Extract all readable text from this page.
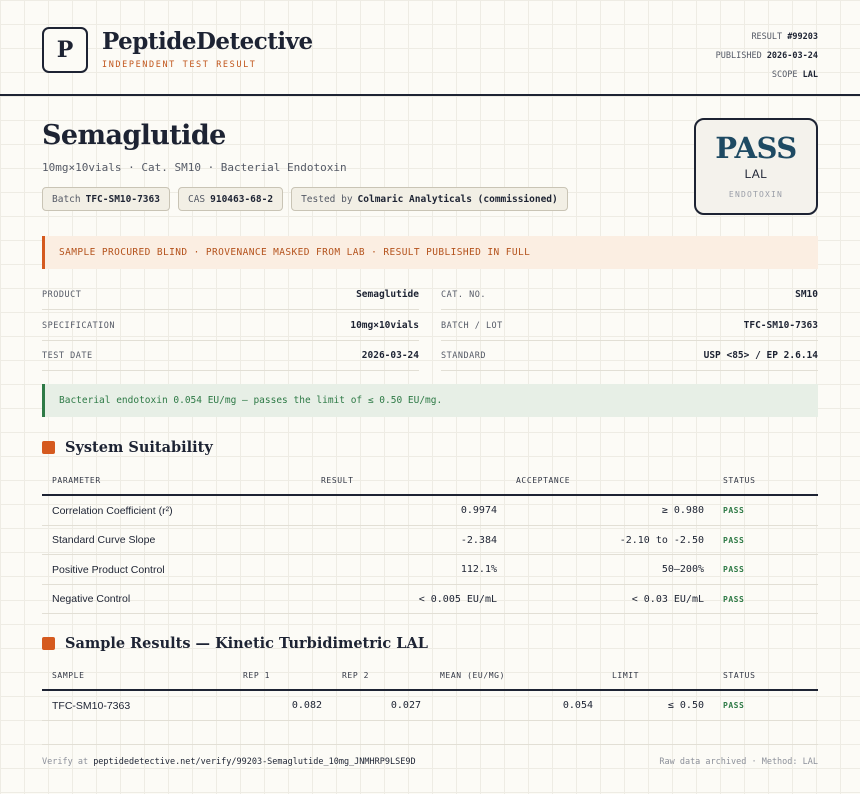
P	PeptideDetective
INDEPENDENT TEST RESULT
RESULT #99203
PUBLISHED 2026-03-24
SCOPE LAL
Semaglutide
10mg×10vials · Cat. SM10 · Bacterial Endotoxin
Batch TFC-SM10-7363	CAS 910463-68-2	Tested by Colmaric Analyticals (commissioned)
PASS
LAL
ENDOTOXIN
SAMPLE PROCURED BLIND · PROVENANCE MASKED FROM LAB · RESULT PUBLISHED IN FULL
PRODUCT	Semaglutide	CAT. NO.	SM10
SPECIFICATION	10mg×10vials	BATCH / LOT	TFC-SM10-7363
TEST DATE	2026-03-24	STANDARD	USP <85> / EP 2.6.14
Bacterial endotoxin 0.054 EU/mg — passes the limit of ≤ 0.50 EU/mg.
System Suitability
PARAMETER	RESULT	ACCEPTANCE	STATUS
Correlation Coefficient (r²)	0.9974	≥ 0.980 PASS
Standard Curve Slope	-2.384	-2.10 to -2.50 PASS
Positive Product Control	112.1%	50–200% PASS
Negative Control	< 0.005 EU/mL	< 0.03 EU/mL PASS
Sample Results — Kinetic Turbidimetric LAL
SAMPLE	REP 1	REP 2	MEAN (EU/MG)	LIMIT	STATUS
TFC-SM10-7363	0.082	0.027	0.054	≤ 0.50 PASS
Verify at peptidedetective.net/verify/99203-Semaglutide_10mg_JNMHRP9LSE9D	Raw data archived · Method: LAL
